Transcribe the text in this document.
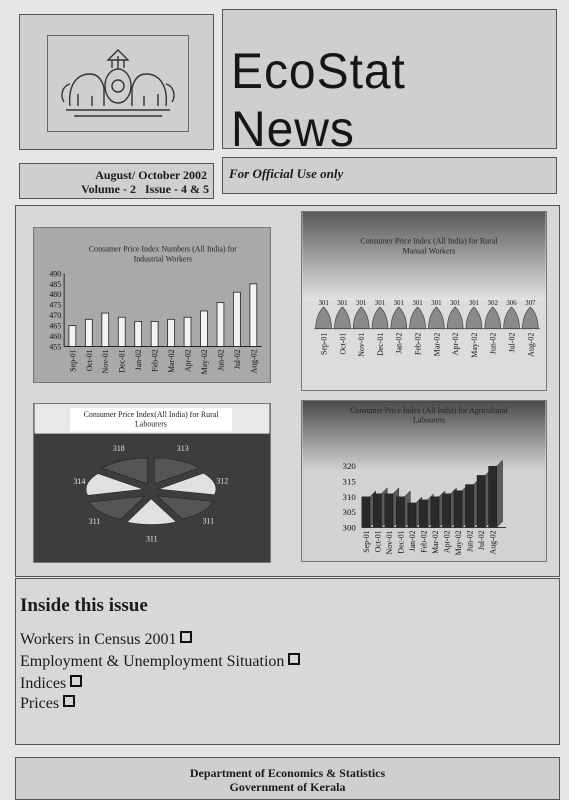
EcoStat News
August/ October 2002
Volume - 2   Issue - 4 & 5
For Official Use only
Consumer Price Index Numbers (All India) for
Industrial Workers
455
460
465
470
475
480
485
490
Sep-01 Oct-01 Nov-01 Dec-01 Jan-02 Feb-02 Mar-02 Apr-02 May-02 Jun-02 Jul-02 Aug-02
Consumer Price Index (All India) for Rural
Manual Workers
301
Sep-01
301
Oct-01
301
Nov-01
301
Dec-01
301
Jan-02
301
Feb-02
301
Mar-02
301
Apr-02
301
May-02
302
Jun-02
306
Jul-02
307
Aug-02
Consumer Price Index(All India) for Rural
Labourers
313
312
311
311
311
314
318
Consumer Price Index (All India) for Agricultural
Labourers
300
305
310
315
320
Sep-01 Oct-01 Nov-01 Dec-01 Jan-02 Feb-02 Mar-02 Apr-02 May-02 Jun-02 Jul-02 Aug-02
Inside this issue
Workers in Census 2001
Employment & Unemployment Situation
Indices
Prices
Department of Economics & Statistics
Government of Kerala
